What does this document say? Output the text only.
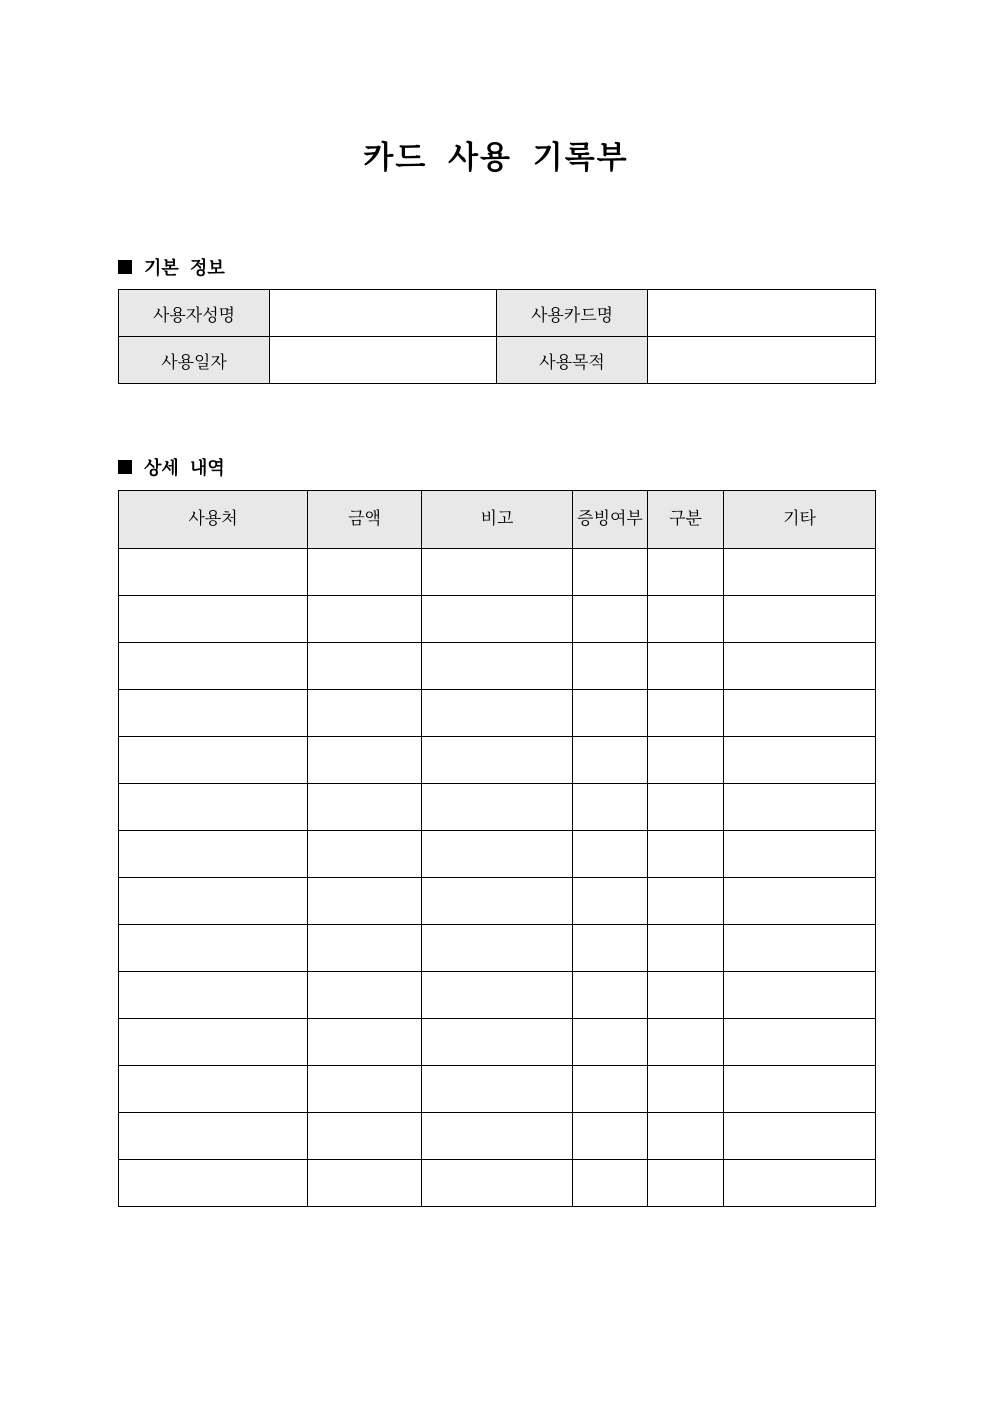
카드 사용 기록부
기본 정보
사용자성명		사용카드명	
사용일자		사용목적	
상세 내역
사용처	금액	비고	증빙여부	구분	기타
